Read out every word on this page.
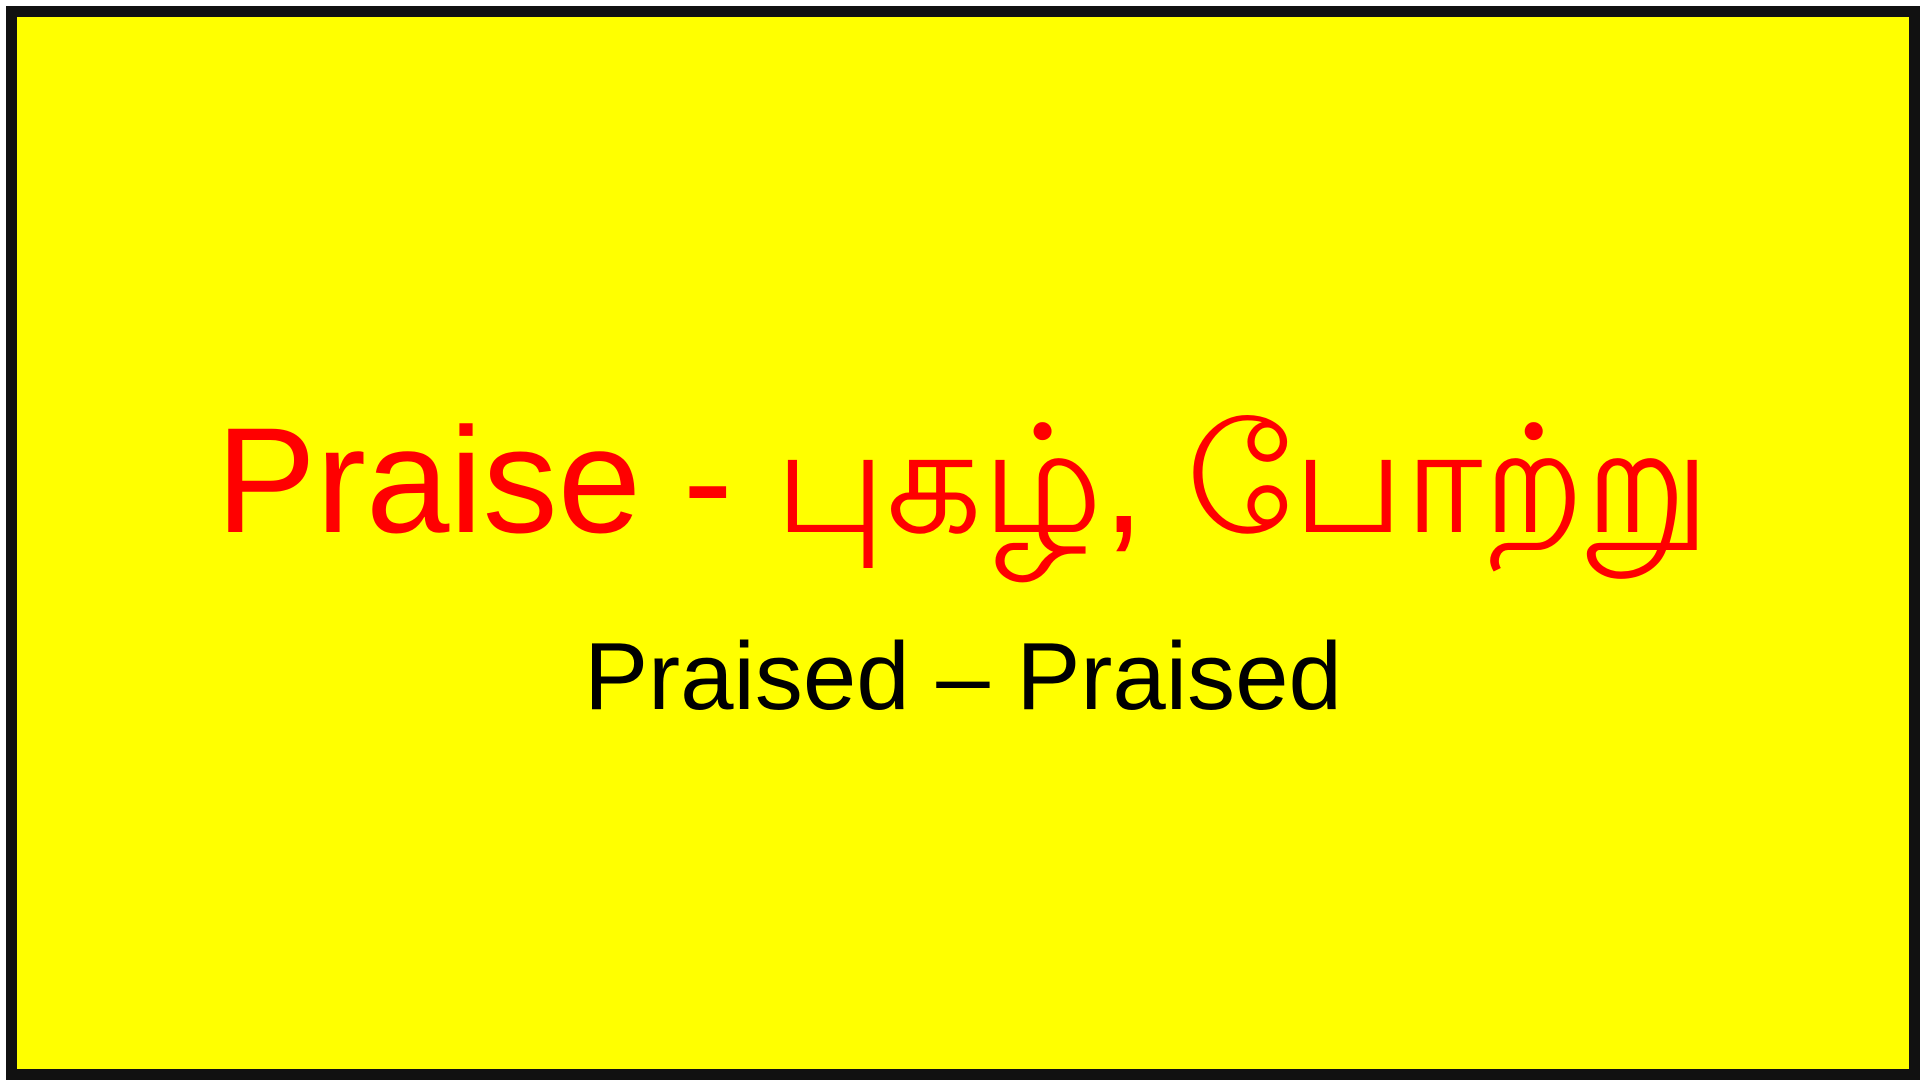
Praise - புகழ், போற்று
Praised – Praised
